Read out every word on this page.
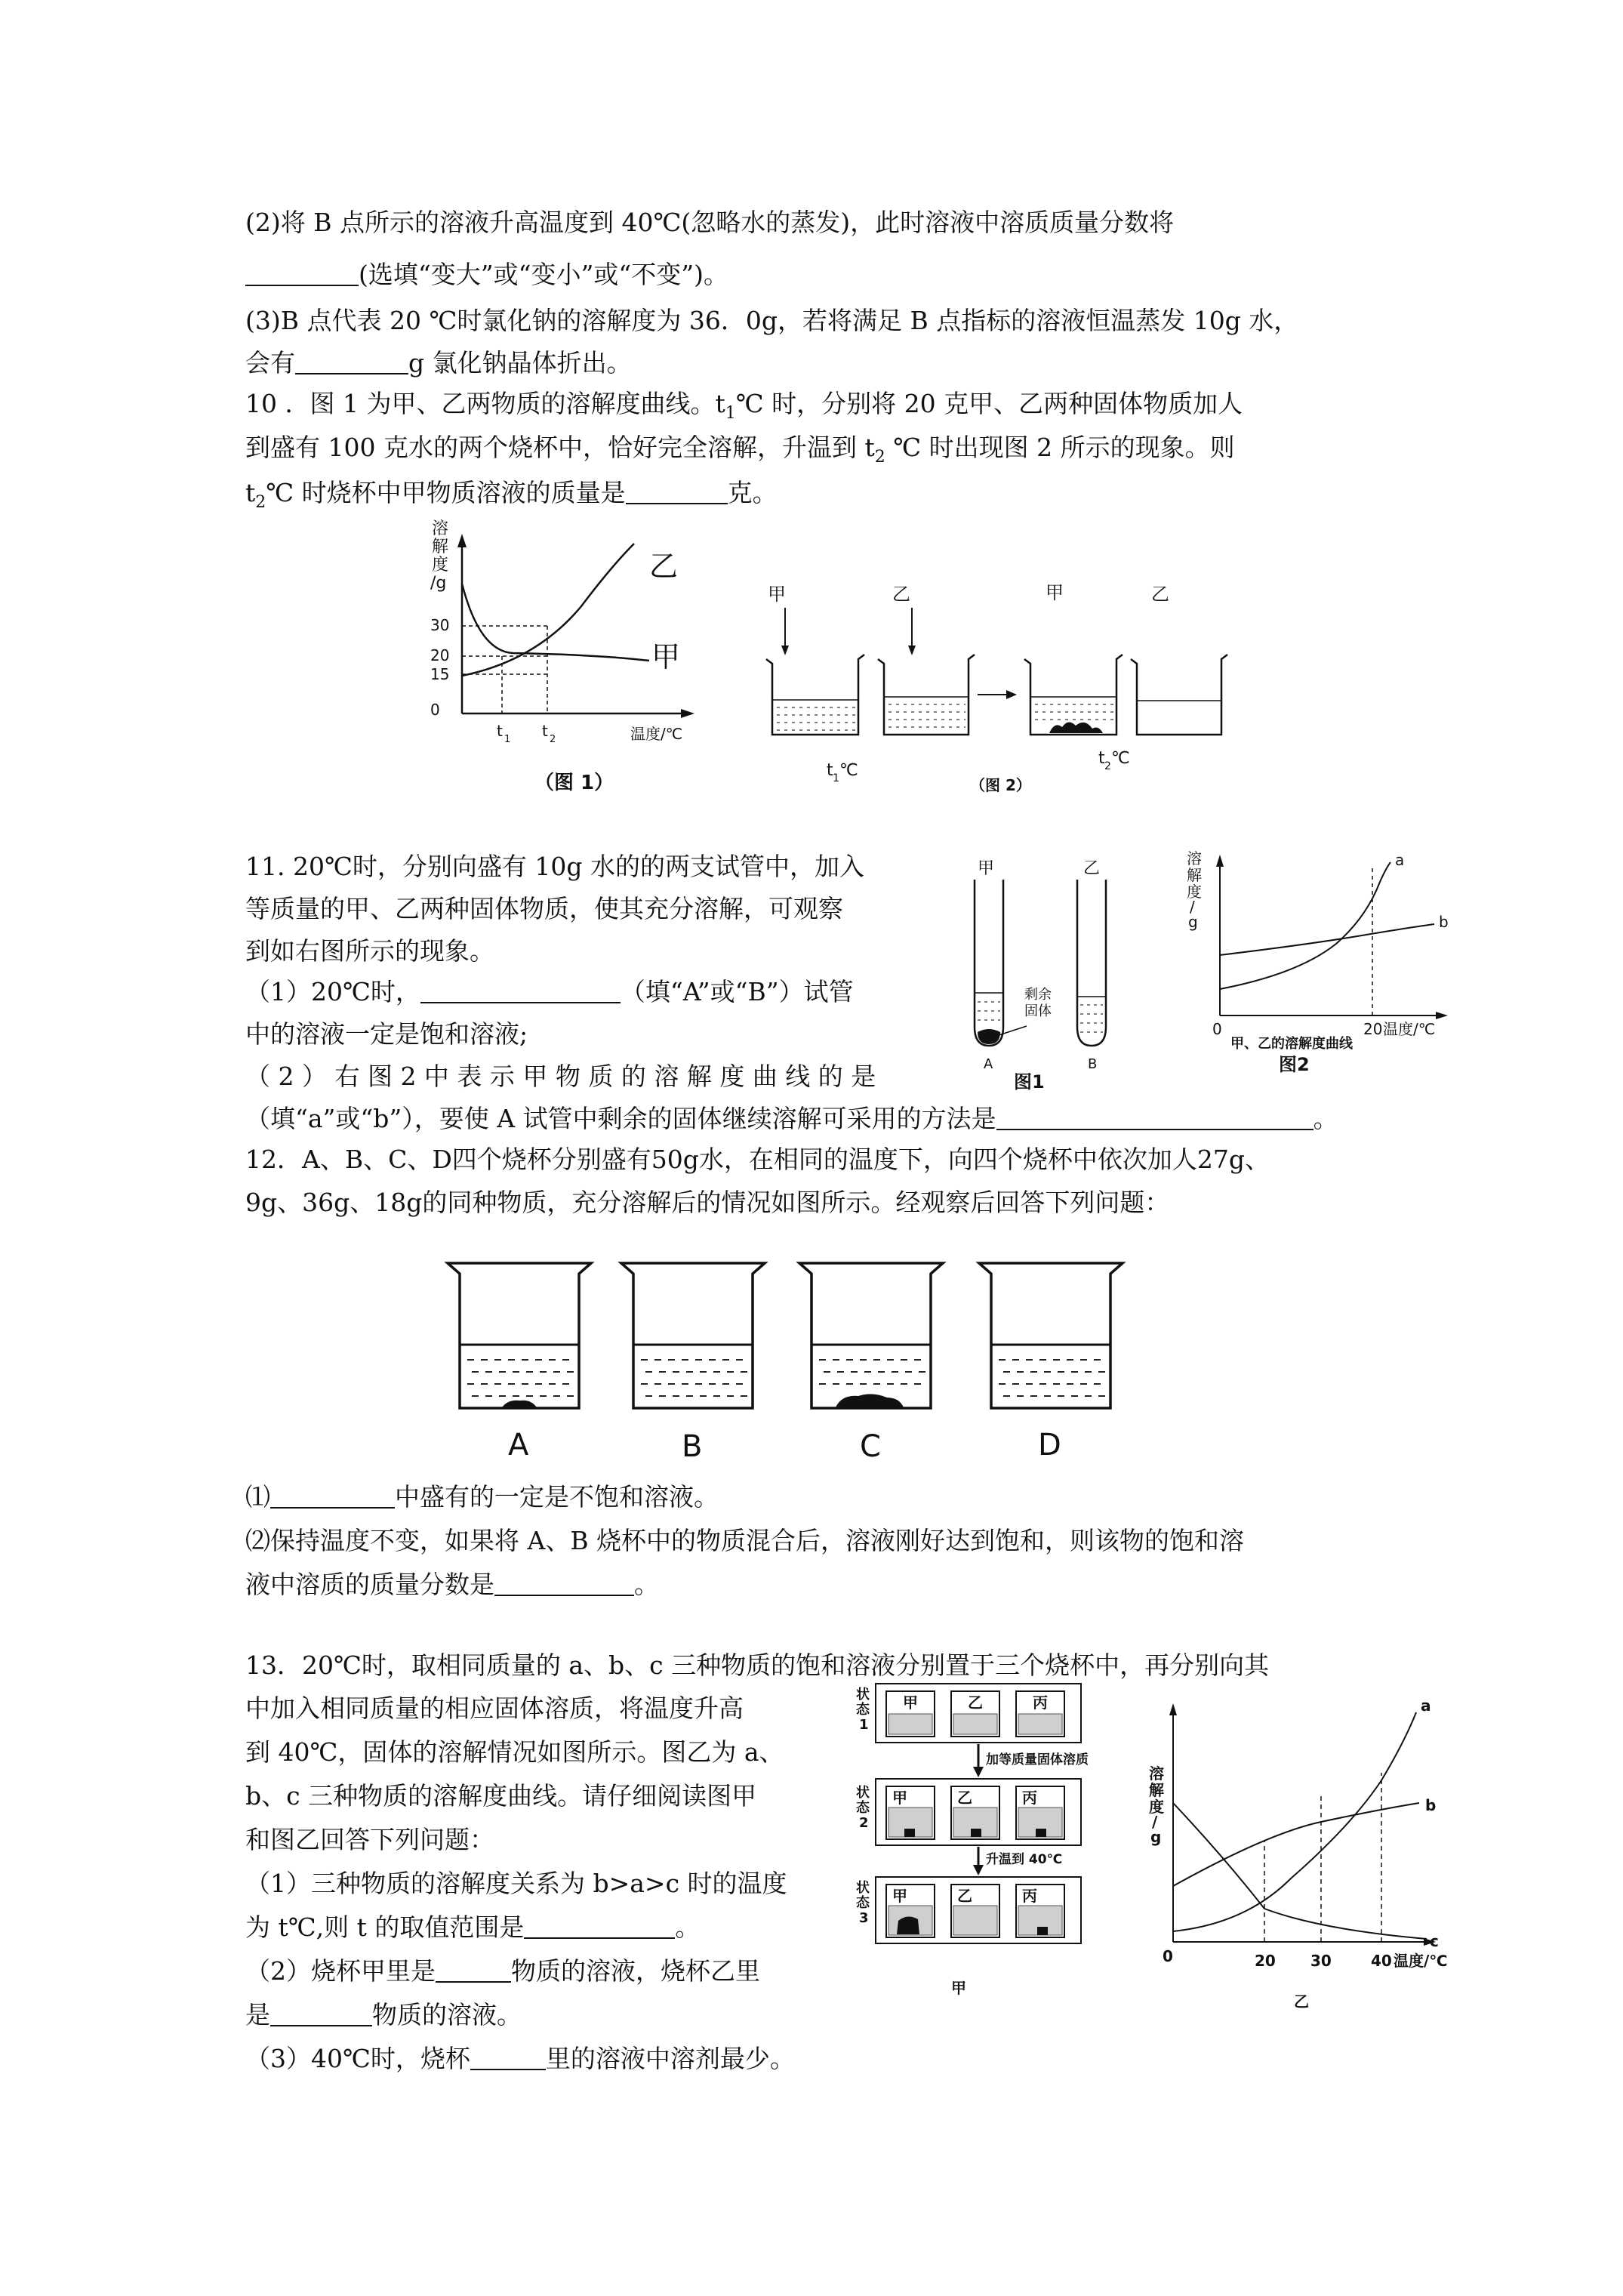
(2)将 B 点所示的溶液升高温度到 40℃(忽略水的蒸发)，此时溶液中溶质质量分数将
(选填“变大”或“变小”或“不变”)。
(3)B 点代表 20 ℃时氯化钠的溶解度为 36．0g，若将满足 B 点指标的溶液恒温蒸发 10g 水，
会有	g 氯化钠晶体折出。
10 ．图 1 为甲、乙两物质的溶解度曲线。$t_1℃$ 时，分别将 20 克甲、乙两种固体物质加人
到盛有 100 克水的两个烧杯中，恰好完全溶解，升温到 $t_2$ ℃ 时出现图 2 所示的现象。则
$t_2℃$ 时烧杯中甲物质溶液的质量是	克。
溶
解
度
/g
30
20
15
0
t 1 t 2	温度/℃
乙
甲
（图 1）
甲	乙	甲	乙
t 1 ℃
t 2 ℃
（图 2）
11. 20℃时，分别向盛有 10g 水的的两支试管中，加入
等质量的甲、乙两种固体物质，使其充分溶解，可观察
到如右图所示的现象。
（1）20℃时，	（填“A”或“B”）试管
中的溶液一定是饱和溶液;
（ 2 ） 右 图 2 中 表 示 甲 物 质 的 溶 解 度 曲 线 的 是
（填“a”或“b”），要使 A 试管中剩余的固体继续溶解可采用的方法是	。
甲	乙
剩 余
固 体
A	B
图1
溶
解
度
/
g
a
b
0	20 温度/℃
甲、乙的溶解度曲线
图2
12．A、B、C、D四个烧杯分别盛有50g水，在相同的温度下，向四个烧杯中依次加人27g、
9g、36g、18g的同种物质，充分溶解后的情况如图所示。经观察后回答下列问题：
A	B	C	D
⑴	中盛有的一定是不饱和溶液。
⑵保持温度不变，如果将 A、B 烧杯中的物质混合后，溶液刚好达到饱和，则该物的饱和溶
液中溶质的质量分数是	。
13．20℃时，取相同质量的 a、b、c 三种物质的饱和溶液分别置于三个烧杯中，再分别向其
中加入相同质量的相应固体溶质，将温度升高
到 40℃，固体的溶解情况如图所示。图乙为 a、
b、c 三种物质的溶解度曲线。请仔细阅读图甲
和图乙回答下列问题：
（1）三种物质的溶解度关系为 b>a>c 时的温度
为 t℃,则 t 的取值范围是	。
（2）烧杯甲里是	物质的溶液，烧杯乙里
是	物质的溶液。
（3）40℃时，烧杯	里的溶液中溶剂最少。
状
态
1
状
态
2
状
态
3
甲	乙	丙
甲	乙	丙
甲	乙	丙
加等质量固体溶质
升温到 40℃
甲
溶
解
度
/
g
a
b
c
0	20 30	40 温度/℃
乙
